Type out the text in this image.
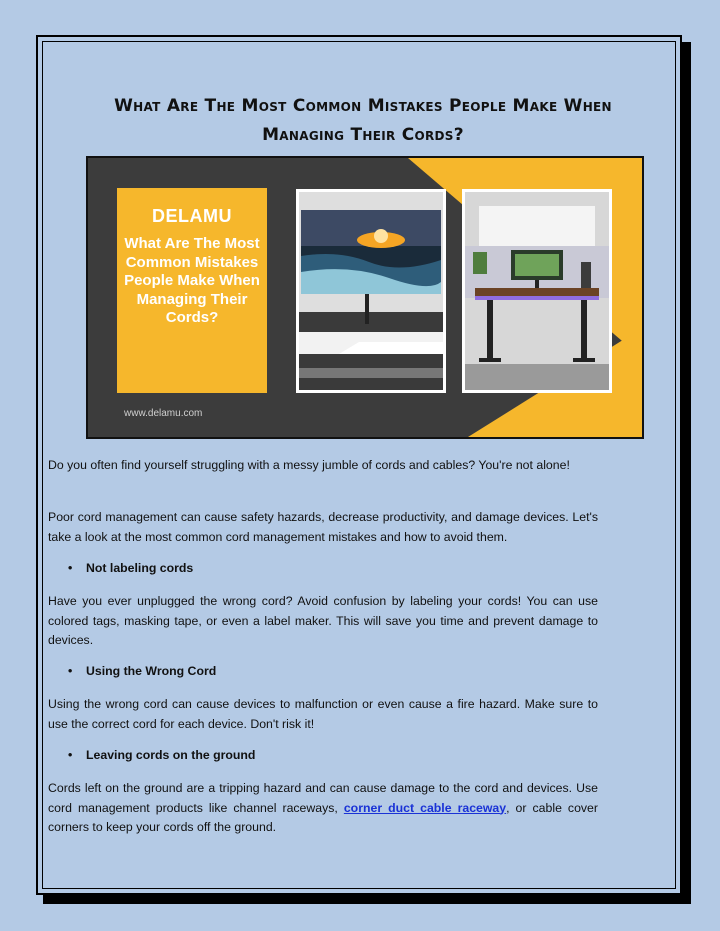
What Are The Most Common Mistakes People Make When Managing Their Cords?
DELAMU
What Are The Most Common Mistakes People Make When Managing Their Cords?
www.delamu.com

Do you often find yourself struggling with a messy jumble of cords and cables? You're not alone!

Poor cord management can cause safety hazards, decrease productivity, and damage devices. Let's take a look at the most common cord management mistakes and how to avoid them.

• Not labeling cords

Have you ever unplugged the wrong cord? Avoid confusion by labeling your cords! You can use colored tags, masking tape, or even a label maker. This will save you time and prevent damage to devices.

• Using the Wrong Cord

Using the wrong cord can cause devices to malfunction or even cause a fire hazard. Make sure to use the correct cord for each device. Don't risk it!

• Leaving cords on the ground

Cords left on the ground are a tripping hazard and can cause damage to the cord and devices. Use cord management products like channel raceways, corner duct cable raceway, or cable cover corners to keep your cords off the ground.
